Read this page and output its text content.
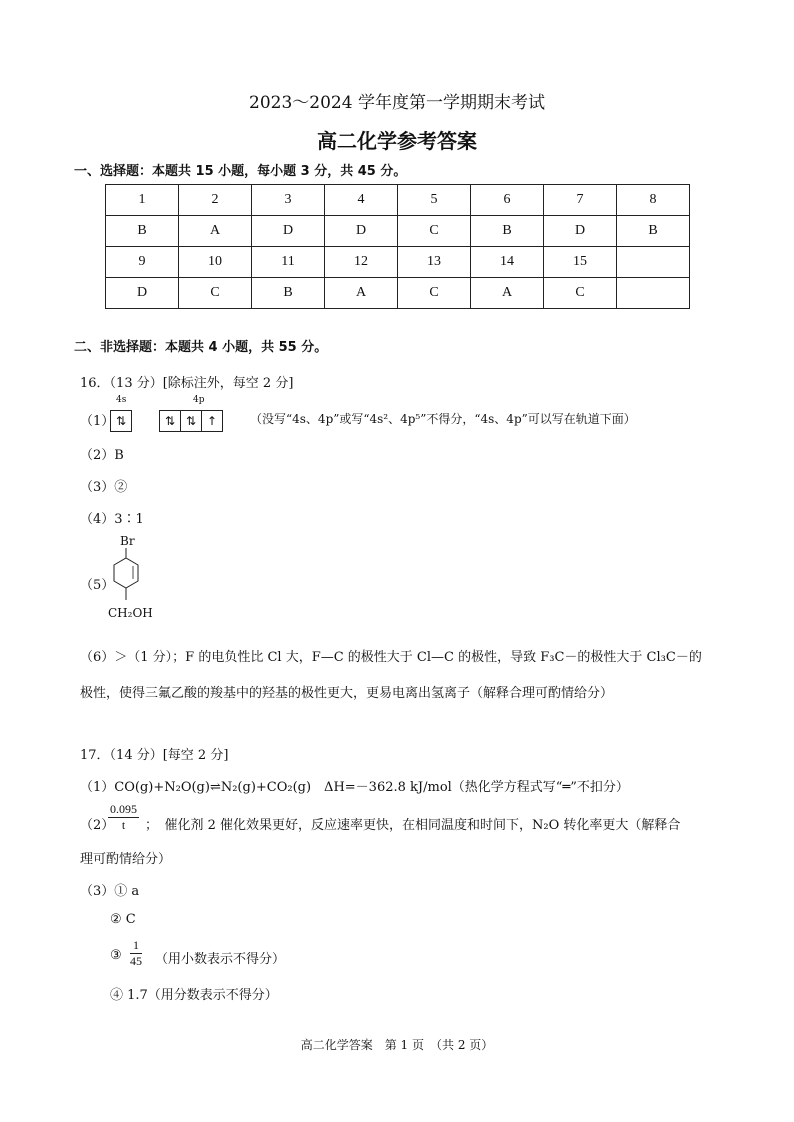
2023～2024 学年度第一学期期末考试
高二化学参考答案
一、选择题：本题共 15 小题，每小题 3 分，共 45 分。
1	2	3	4	5	6	7	8
B	A	D	D	C	B	D	B
9	10	11	12	13	14	15	
D	C	B	A	C	A	C	
二、非选择题：本题共 4 小题，共 55 分。
16．（13 分）[除标注外，每空 2 分]
（1）
4s	4p
⇅	⇅ ⇅ ↑	（没写“4s、4p”或写“4s²、4p⁵”不得分，“4s、4p”可以写在轨道下面）
（2）B
（3）②
（4）3∶1
（5）
Br
CH₂OH
（6）＞（1 分）；F 的电负性比 Cl 大，F—C 的极性大于 Cl—C 的极性，导致 F₃C－的极性大于 Cl₃C－的
极性，使得三氟乙酸的羧基中的羟基的极性更大，更易电离出氢离子（解释合理可酌情给分）
17．（14 分）[每空 2 分]
（1）CO(g)+N₂O(g)⇌N₂(g)+CO₂(g)　ΔH=－362.8 kJ/mol（热化学方程式写“═”不扣分）
（2）
$\frac{0.095}{t}$ ；　催化剂 2 催化效果更好，反应速率更快，在相同温度和时间下，N₂O 转化率更大（解释合
理可酌情给分）
（3）① a
② C
③ $\frac{1}{45}$ （用小数表示不得分）
④ 1.7（用分数表示不得分）
高二化学答案　第 1 页　（共 2 页）
